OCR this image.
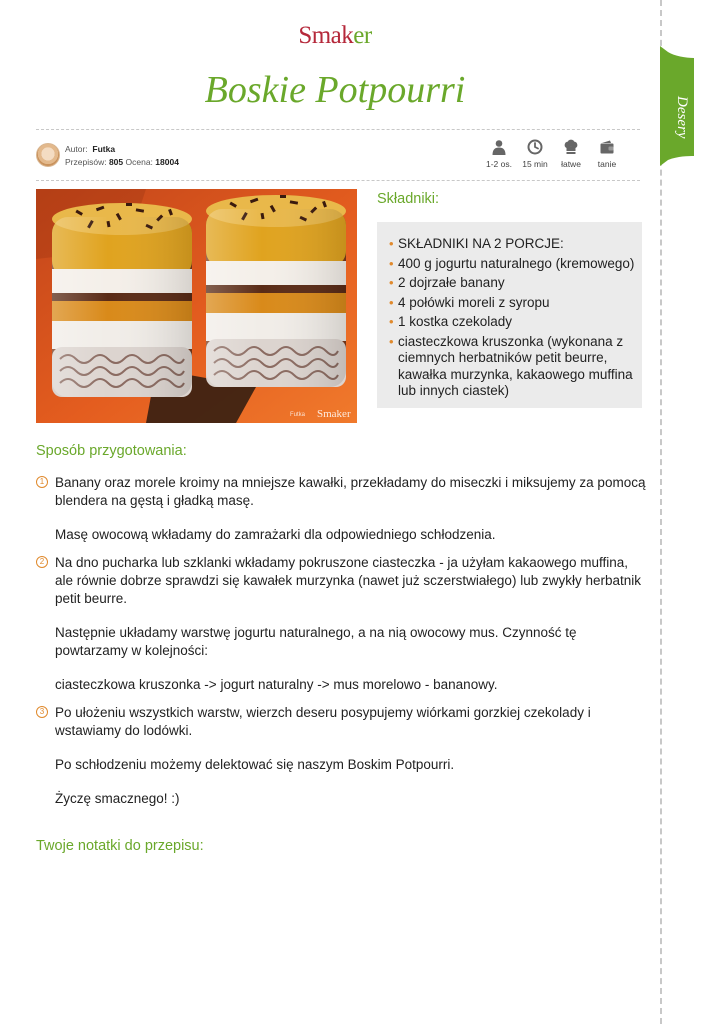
Desery
Smaker
Boskie Potpourri
Autor: Futka
Przepisów: 805 Ocena: 18004	1-2 os. 15 min łatwe tanie
Futka Smaker
Składniki:
• SKŁADNIKI NA 2 PORCJE:
• 400 g jogurtu naturalnego (kremowego)
• 2 dojrzałe banany
• 4 połówki moreli z syropu
• 1 kostka czekolady
• ciasteczkowa kruszonka (wykonana z ciemnych herbatników petit beurre, kawałka murzynka, kakaowego muffina lub innych ciastek)
Sposób przygotowania:
1 Banany oraz morele kroimy na mniejsze kawałki, przekładamy do miseczki i miksujemy za pomocą blendera na gęstą i gładką masę.

Masę owocową wkładamy do zamrażarki dla odpowiedniego schłodzenia.

2 Na dno pucharka lub szklanki wkładamy pokruszone ciasteczka - ja użyłam kakaowego muffina, ale równie dobrze sprawdzi się kawałek murzynka (nawet już sczerstwiałego) lub zwykły herbatnik petit beurre.

Następnie układamy warstwę jogurtu naturalnego, a na nią owocowy mus. Czynność tę powtarzamy w kolejności:

ciasteczkowa kruszonka -> jogurt naturalny -> mus morelowo - bananowy.

3 Po ułożeniu wszystkich warstw, wierzch deseru posypujemy wiórkami gorzkiej czekolady i wstawiamy do lodówki.

Po schłodzeniu możemy delektować się naszym Boskim Potpourri.

Życzę smacznego! :)

Twoje notatki do przepisu:
